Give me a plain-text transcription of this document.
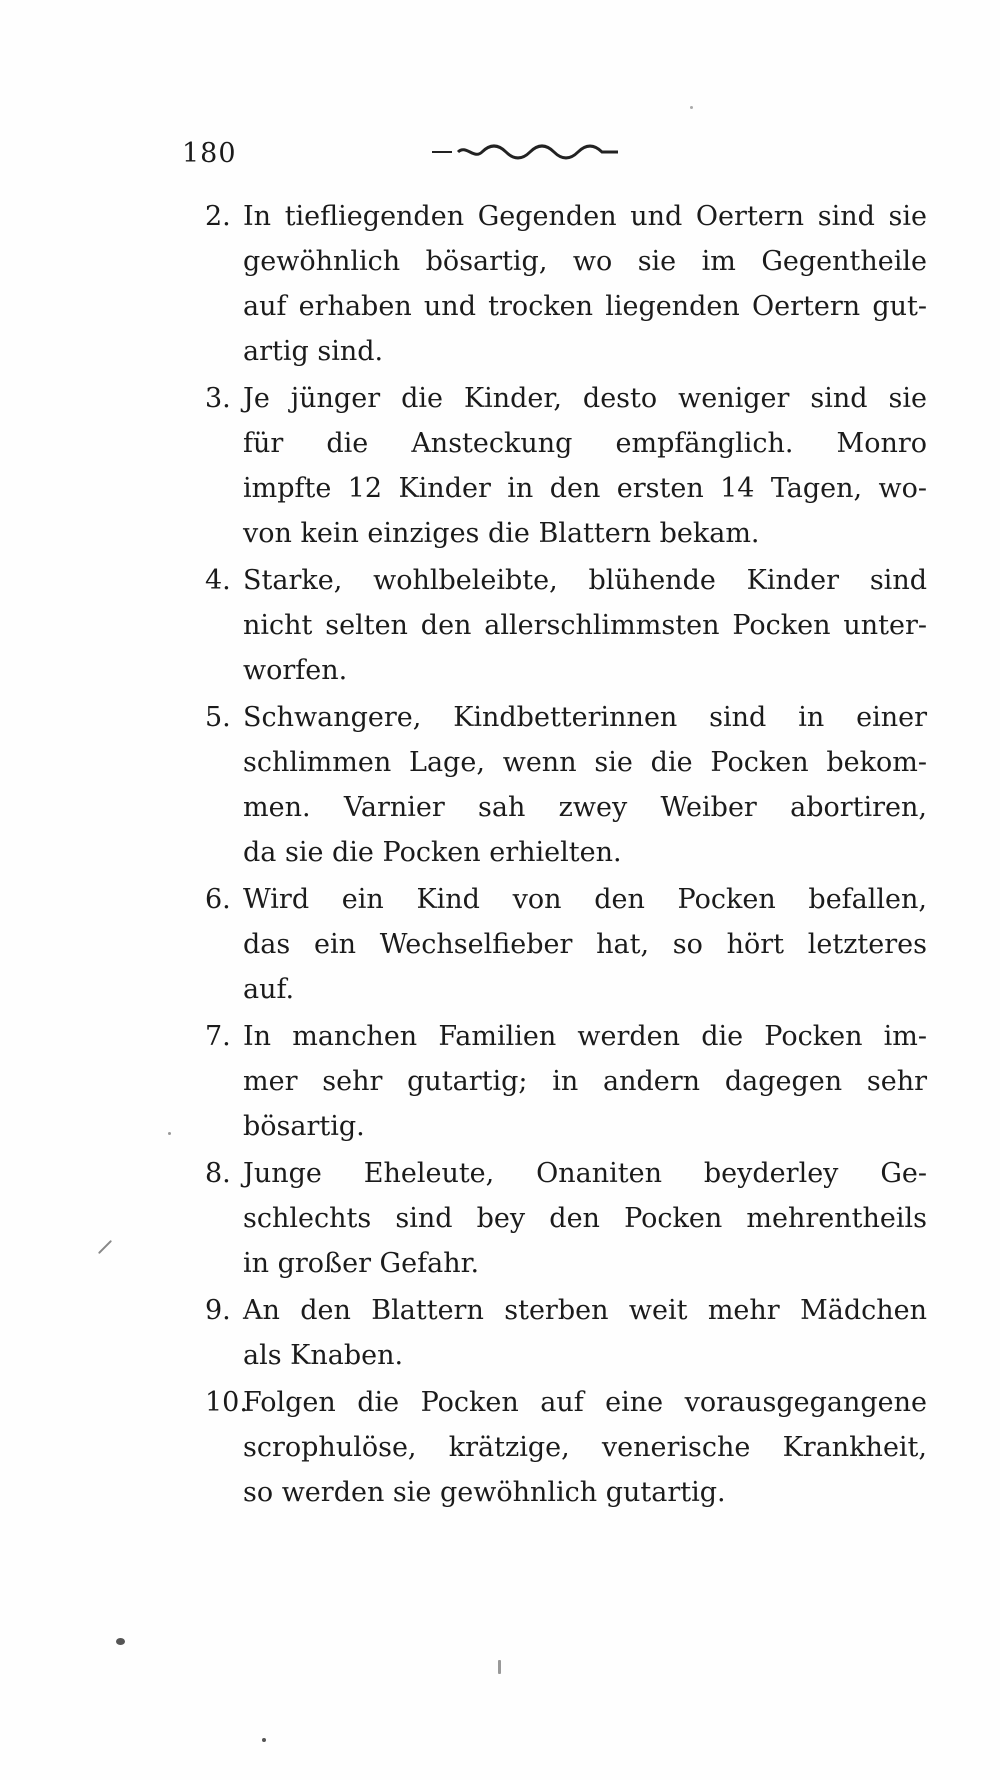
180
2. In tiefliegenden Gegenden und Oertern sind sie
gewöhnlich bösartig, wo sie im Gegentheile
auf erhaben und trocken liegenden Oertern gut-
artig sind.
3. Je jünger die Kinder, desto weniger sind sie
für die Ansteckung empfänglich. Monro
impfte 12 Kinder in den ersten 14 Tagen, wo-
von kein einziges die Blattern bekam.
4. Starke, wohlbeleibte, blühende Kinder sind
nicht selten den allerschlimmsten Pocken unter-
worfen.
5. Schwangere, Kindbetterinnen sind in einer
schlimmen Lage, wenn sie die Pocken bekom-
men. Varnier sah zwey Weiber abortiren,
da sie die Pocken erhielten.
6. Wird ein Kind von den Pocken befallen,
das ein Wechselfieber hat, so hört letzteres
auf.
7. In manchen Familien werden die Pocken im-
mer sehr gutartig; in andern dagegen sehr
bösartig.
8. Junge Eheleute, Onaniten beyderley Ge-
schlechts sind bey den Pocken mehrentheils
in großer Gefahr.
9. An den Blattern sterben weit mehr Mädchen
als Knaben.
10.
Folgen die Pocken auf eine vorausgegangene
scrophulöse, krätzige, venerische Krankheit,
so werden sie gewöhnlich gutartig.
